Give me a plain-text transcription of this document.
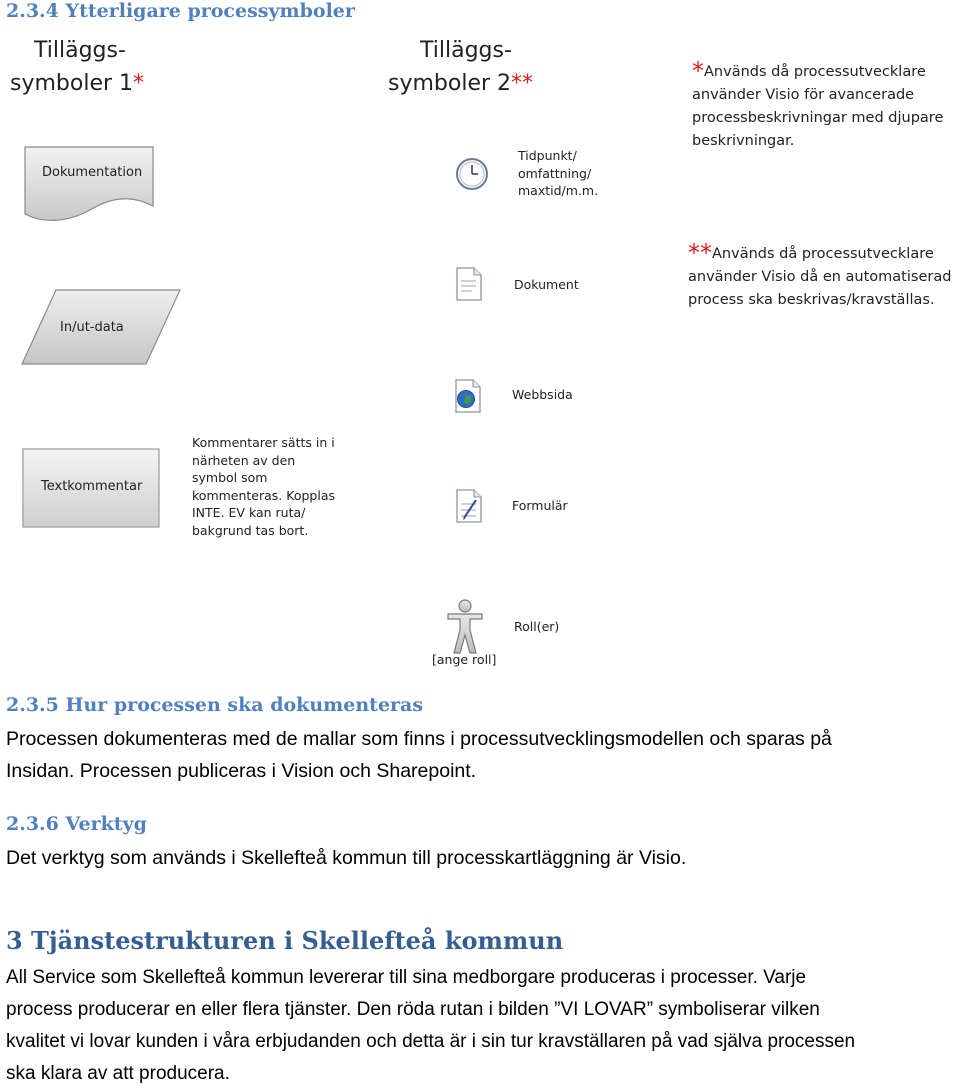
2.3.4 Ytterligare processymboler
Tilläggs-
symboler 1*
Tilläggs-
symboler 2**	*Används då processutvecklare
använder Visio för avancerade
processbeskrivningar med djupare
beskrivningar.
**Används då processutvecklare
använder Visio då en automatiserad
process ska beskrivas/kravställas.
Dokumentation
In/ut-data
Textkommentar
Kommentarer sätts in i
närheten av den
symbol som
kommenteras. Kopplas
INTE. EV kan ruta/
bakgrund tas bort.
Tidpunkt/
omfattning/
maxtid/m.m.
Dokument
Webbsida
Formulär
Roll(er)
[ange roll]
2.3.5 Hur processen ska dokumenteras
Processen dokumenteras med de mallar som finns i processutvecklingsmodellen och sparas på
Insidan. Processen publiceras i Vision och Sharepoint.
2.3.6 Verktyg
Det verktyg som används i Skellefteå kommun till processkartläggning är Visio.
3 Tjänstestrukturen i Skellefteå kommun
All Service som Skellefteå kommun levererar till sina medborgare produceras i processer. Varje
process producerar en eller flera tjänster. Den röda rutan i bilden ”VI LOVAR” symboliserar vilken
kvalitet vi lovar kunden i våra erbjudanden och detta är i sin tur kravställaren på vad själva processen
ska klara av att producera.
